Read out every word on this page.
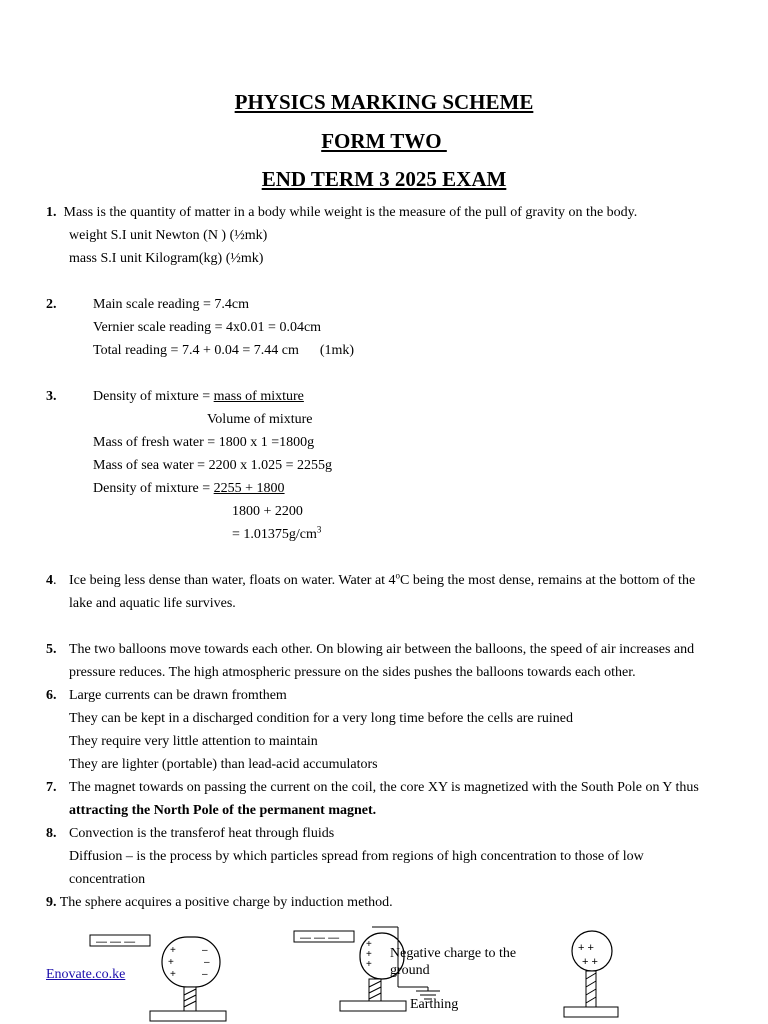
PHYSICS MARKING SCHEME
FORM TWO
END TERM 3 2025 EXAM
1. Mass is the quantity of matter in a body while weight is the measure of the pull of gravity on the body.
weight S.I unit Newton (N ) (½mk)
mass S.I unit Kilogram(kg) (½mk)
2.	Main scale reading = 7.4cm
Vernier scale reading = 4x0.01 = 0.04cm
Total reading = 7.4 + 0.04 = 7.44 cm      (1mk)
3.	Density of mixture = mass of mixture
Volume of mixture
Mass of fresh water = 1800 x 1 =1800g
Mass of sea water = 2200 x 1.025 = 2255g
Density of mixture = 2255 + 1800
1800 + 2200
= $1.01375g/cm^3$
4. Ice being less dense than water, floats on water. Water at 4$^o$C being the most dense, remains at the bottom of the
lake and aquatic life survives.
5. The two balloons move towards each other. On blowing air between the balloons, the speed of air increases and
pressure reduces. The high atmospheric pressure on the sides pushes the balloons towards each other.
6. Large currents can be drawn fromthem
They can be kept in a discharged condition for a very long time before the cells are ruined
They require very little attention to maintain
They are lighter (portable) than lead-acid accumulators
7. The magnet towards on passing the current on the coil, the core XY is magnetized with the South Pole on Y thus
attracting the North Pole of the permanent magnet.
8. Convection is the transferof heat through fluids
Diffusion – is the process by which particles spread from regions of high concentration to those of low
concentration
9. The sphere acquires a positive charge by induction method.
— — —
+
+
+
–
–
–
Enovate.co.ke
— — —
+
+
+
Negative charge to the
ground
Earthing
+ +
+ +
